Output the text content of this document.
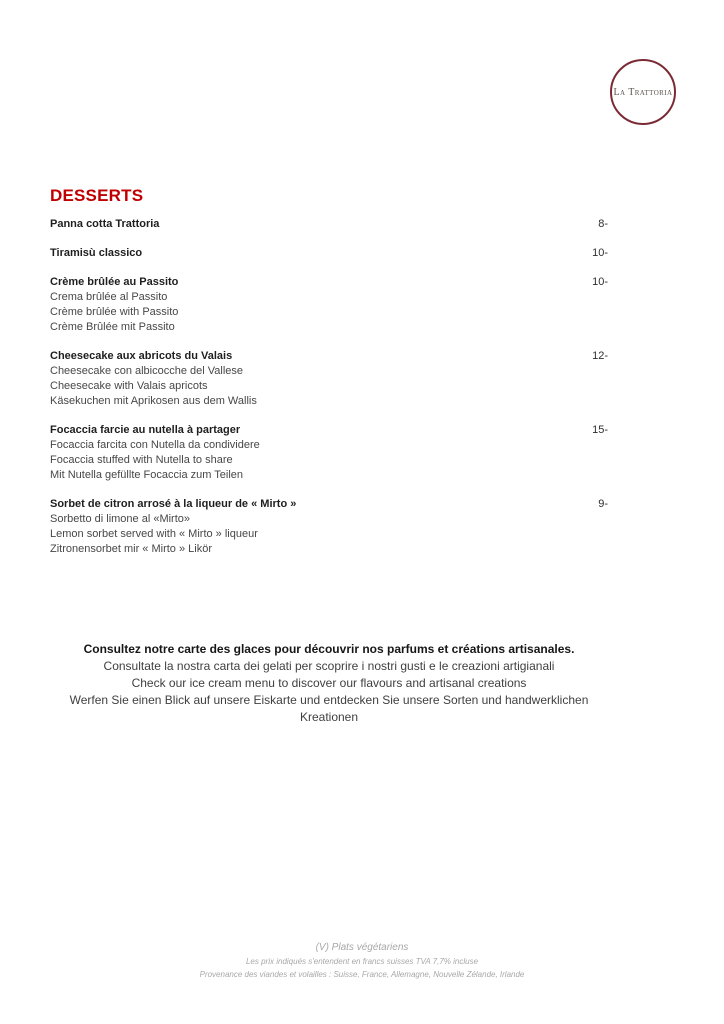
La Trattoria
DESSERTS
Panna cotta Trattoria	8-
Tiramisù classico	10-
Crème brûlée au Passito	10-
Crema brûlée al Passito
Crème brûlée with Passito
Crème Brûlée mit Passito
Cheesecake aux abricots du Valais	12-
Cheesecake con albicocche del Vallese
Cheesecake with Valais apricots
Käsekuchen mit Aprikosen aus dem Wallis
Focaccia farcie au nutella à partager	15-
Focaccia farcita con Nutella da condividere
Focaccia stuffed with Nutella to share
Mit Nutella gefüllte Focaccia zum Teilen
Sorbet de citron arrosé à la liqueur de « Mirto »	9-
Sorbetto di limone al «Mirto»
Lemon sorbet served with « Mirto » liqueur
Zitronensorbet mir « Mirto » Likör
Consultez notre carte des glaces pour découvrir nos parfums et créations artisanales.
Consultate la nostra carta dei gelati per scoprire i nostri gusti e le creazioni artigianali
Check our ice cream menu to discover our flavours and artisanal creations
Werfen Sie einen Blick auf unsere Eiskarte und entdecken Sie unsere Sorten und handwerklichen
Kreationen
(V) Plats végétariens
Les prix indiqués s'entendent en francs suisses TVA 7,7% incluse
Provenance des viandes et volailles : Suisse, France, Allemagne, Nouvelle Zélande, Irlande
